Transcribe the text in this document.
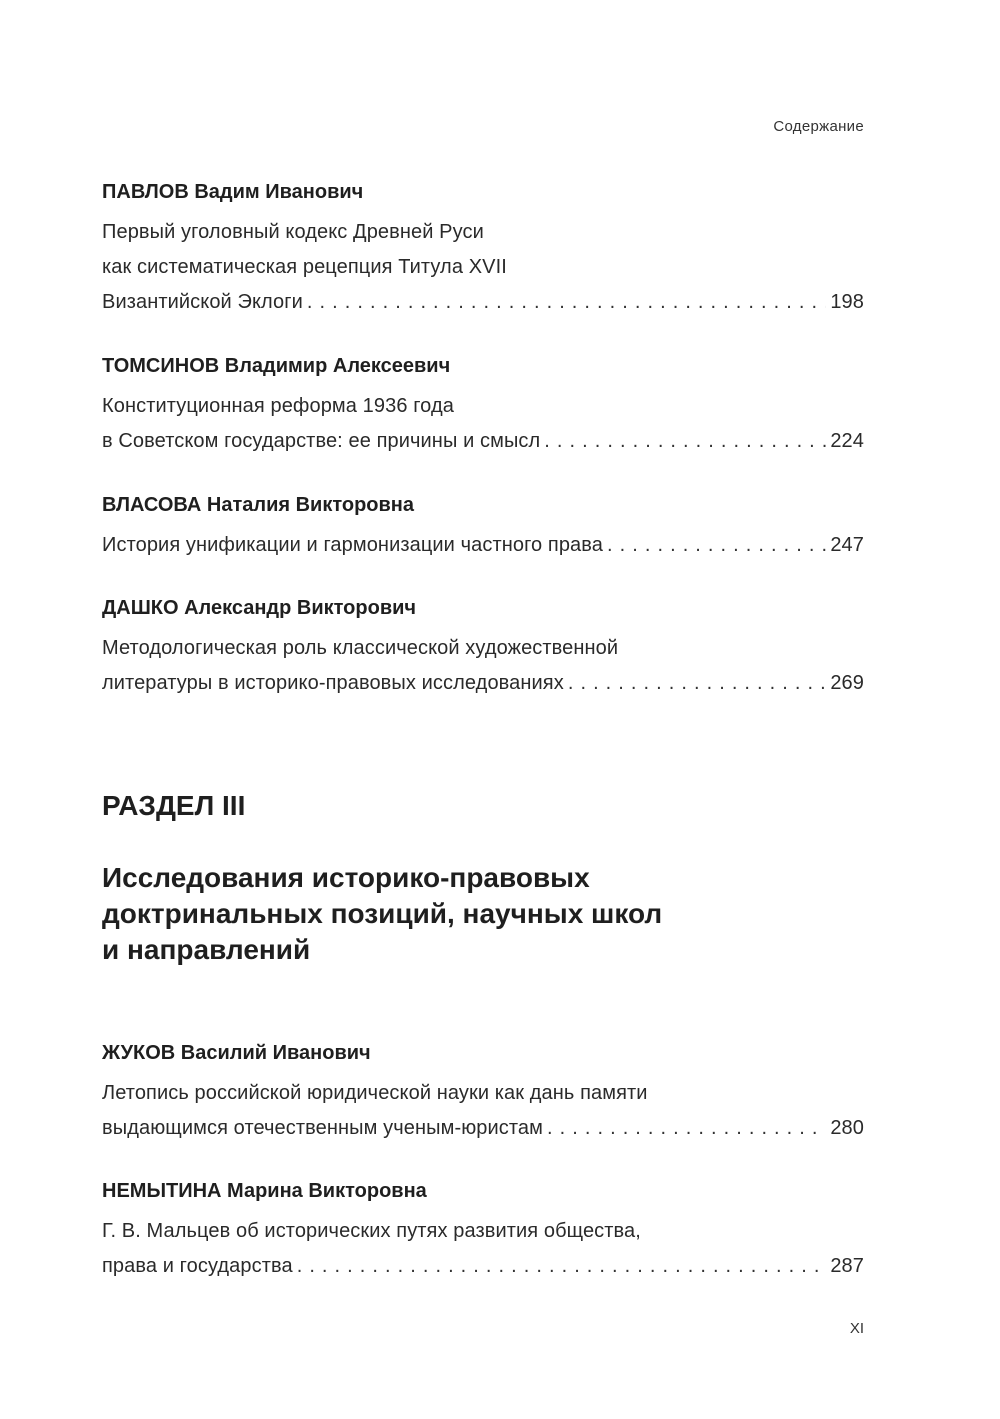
Содержание

ПАВЛОВ Вадим Иванович

Первый уголовный кодекс Древней Руси

как систематическая рецепция Титула XVII

Византийской Эклоги . . .	198

ТОМСИНОВ Владимир Алексеевич

Конституционная реформа 1936 года

в Советском государстве: ее причины и смысл . . .	224

ВЛАСОВА Наталия Викторовна

История унификации и гармонизации частного права . . .	247

ДАШКО Александр Викторович

Методологическая роль классической художественной

литературы в историко-правовых исследованиях . . .	269

РАЗДЕЛ III
Исследования историко-правовых
доктринальных позиций, научных школ
и направлений

ЖУКОВ Василий Иванович

Летопись российской юридической науки как дань памяти

выдающимся отечественным ученым-юристам . . .	280

НЕМЫТИНА Марина Викторовна

Г. В. Мальцев об исторических путях развития общества,

права и государства . . .	287

XI
